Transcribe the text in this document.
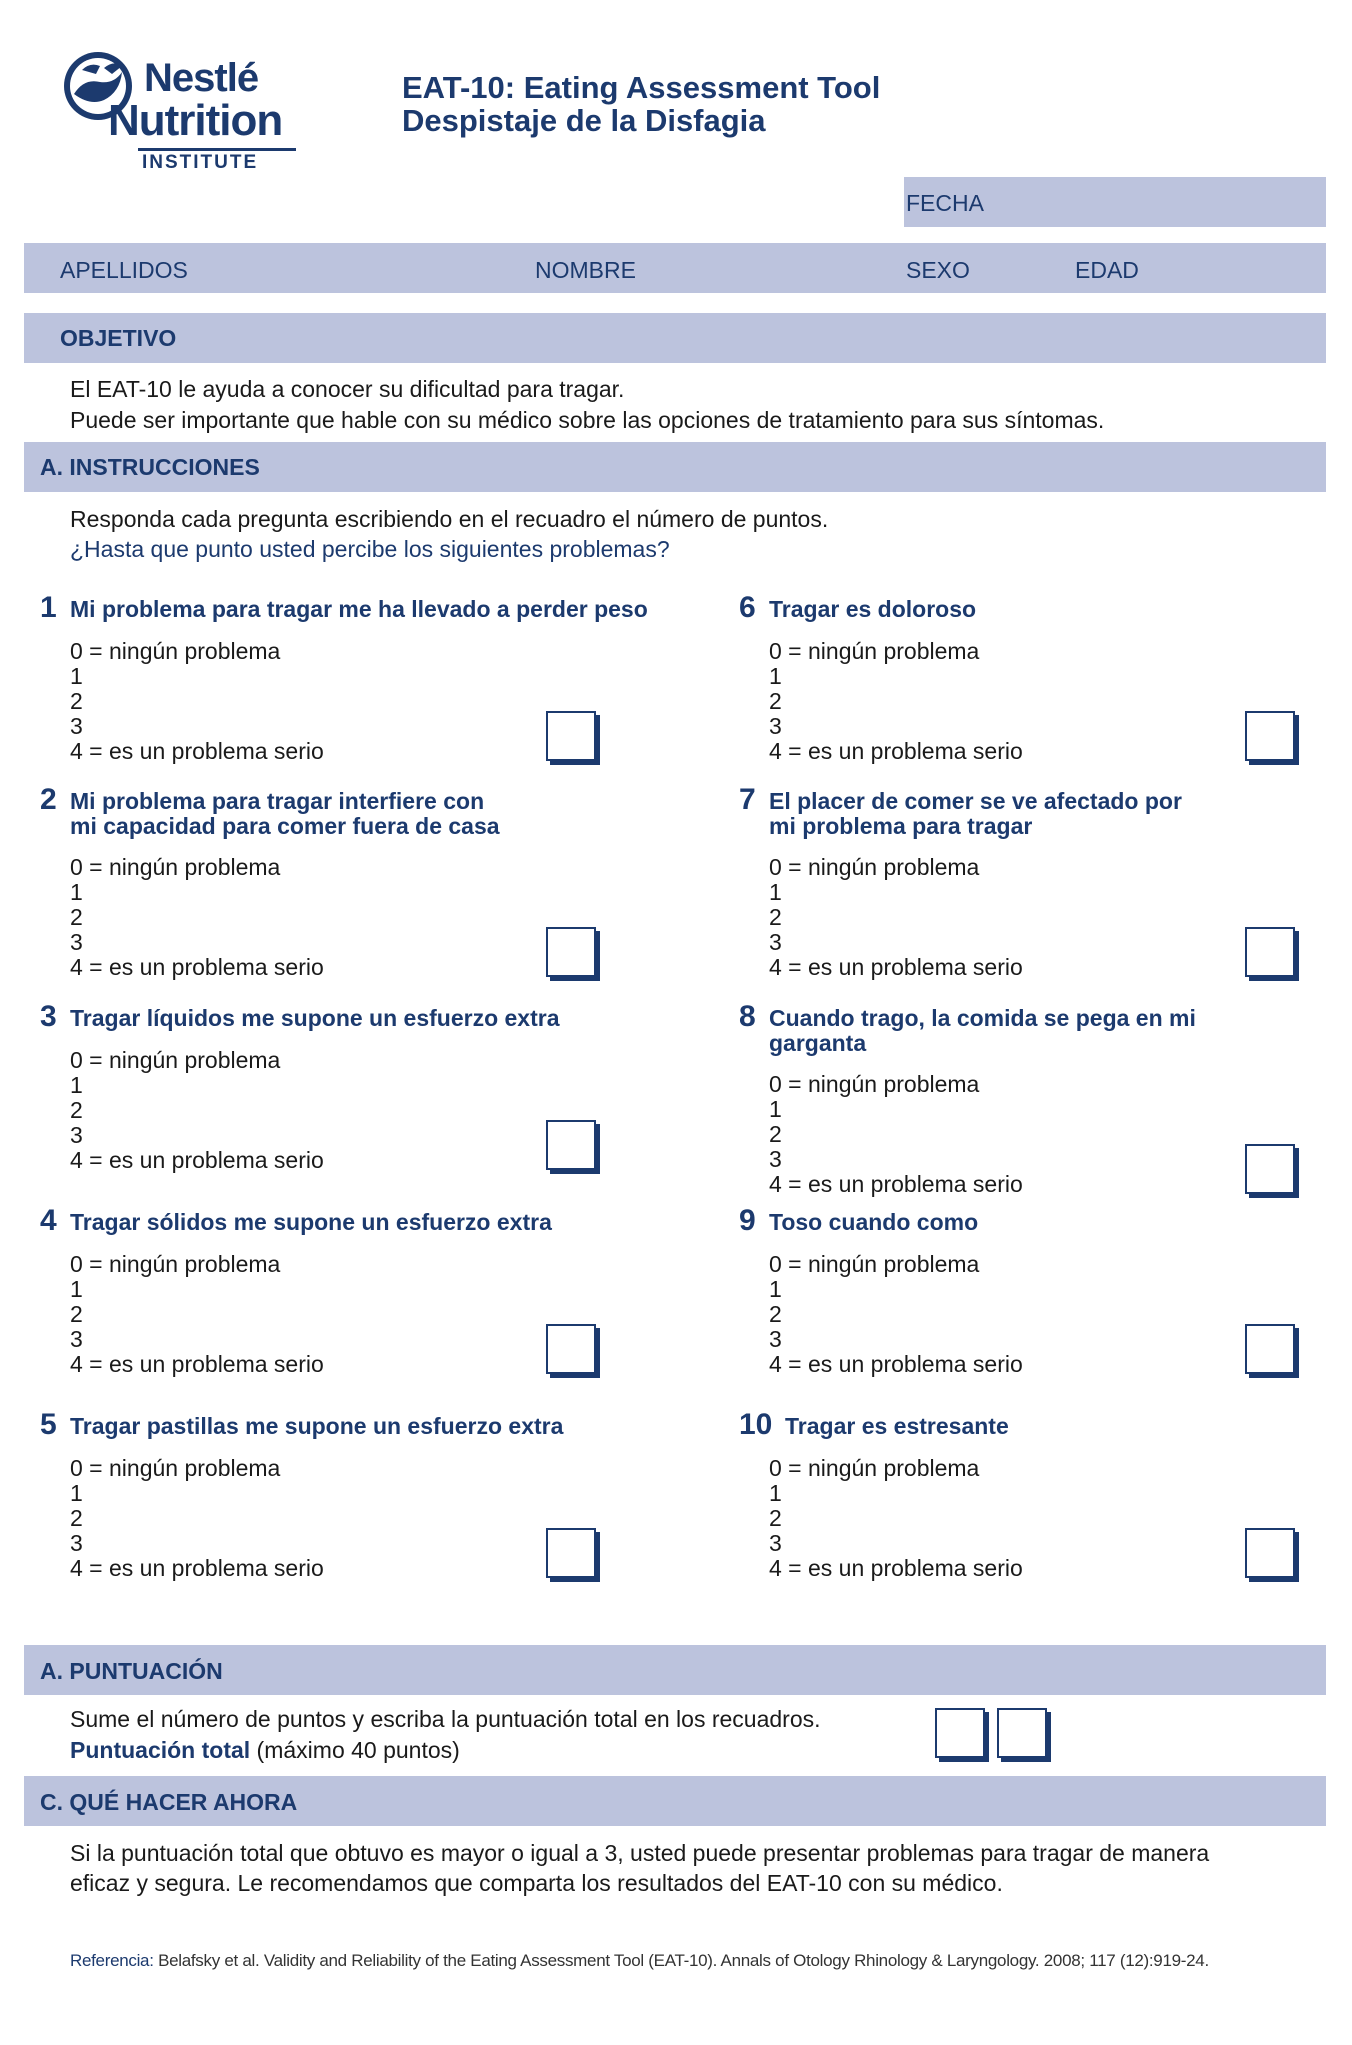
Nestlé
Nutrition
INSTITUTE
EAT-10: Eating Assessment Tool
Despistaje de la Disfagia
FECHA
APELLIDOS	NOMBRE	SEXO	EDAD
OBJETIVO
El EAT-10 le ayuda a conocer su dificultad para tragar.
Puede ser importante que hable con su médico sobre las opciones de tratamiento para sus síntomas.
A. INSTRUCCIONES
Responda cada pregunta escribiendo en el recuadro el número de puntos.
¿Hasta que punto usted percibe los siguientes problemas?
1 Mi problema para tragar me ha llevado a perder peso
0 = ningún problema
1
2
3
4 = es un problema serio
2 Mi problema para tragar interfiere con
mi capacidad para comer fuera de casa
0 = ningún problema
1
2
3
4 = es un problema serio
3 Tragar líquidos me supone un esfuerzo extra
0 = ningún problema
1
2
3
4 = es un problema serio
4 Tragar sólidos me supone un esfuerzo extra
0 = ningún problema
1
2
3
4 = es un problema serio
5 Tragar pastillas me supone un esfuerzo extra
0 = ningún problema
1
2
3
4 = es un problema serio
6 Tragar es doloroso
0 = ningún problema
1
2
3
4 = es un problema serio
7 El placer de comer se ve afectado por
mi problema para tragar
0 = ningún problema
1
2
3
4 = es un problema serio
8 Cuando trago, la comida se pega en mi
garganta
0 = ningún problema
1
2
3
4 = es un problema serio
9 Toso cuando como
0 = ningún problema
1
2
3
4 = es un problema serio
10 Tragar es estresante
0 = ningún problema
1
2
3
4 = es un problema serio
A. PUNTUACIÓN
Sume el número de puntos y escriba la puntuación total en los recuadros.
Puntuación total (máximo 40 puntos)
C. QUÉ HACER AHORA
Si la puntuación total que obtuvo es mayor o igual a 3, usted puede presentar problemas para tragar de manera
eficaz y segura. Le recomendamos que comparta los resultados del EAT-10 con su médico.
Referencia: Belafsky et al. Validity and Reliability of the Eating Assessment Tool (EAT-10). Annals of Otology Rhinology & Laryngology. 2008; 117 (12):919-24.
